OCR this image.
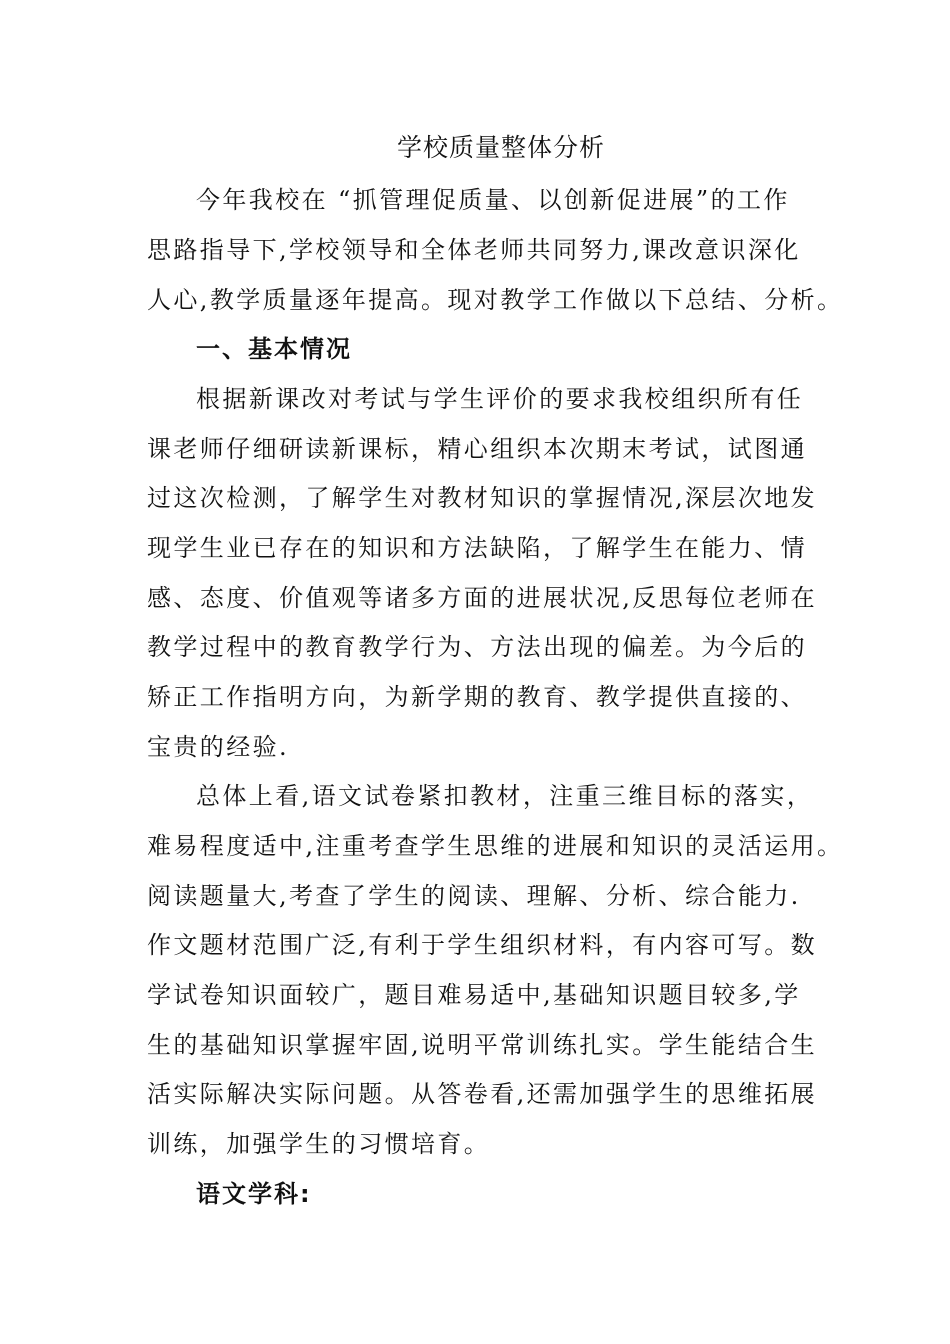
学校质量整体分析

今年我校在 “抓管理促质量、以创新促进展”的工作

思路指导下,学校领导和全体老师共同努力,课改意识深化

人心,教学质量逐年提高。现对教学工作做以下总结、分析。

一、基本情况

根据新课改对考试与学生评价的要求我校组织所有任

课老师仔细研读新课标，精心组织本次期末考试，试图通

过这次检测，了解学生对教材知识的掌握情况,深层次地发

现学生业已存在的知识和方法缺陷，了解学生在能力、情

感、态度、价值观等诸多方面的进展状况,反思每位老师在

教学过程中的教育教学行为、方法出现的偏差。为今后的

矫正工作指明方向，为新学期的教育、教学提供直接的、

宝贵的经验.

总体上看,语文试卷紧扣教材，注重三维目标的落实，

难易程度适中,注重考查学生思维的进展和知识的灵活运用。

阅读题量大,考查了学生的阅读、理解、分析、综合能力.

作文题材范围广泛,有利于学生组织材料，有内容可写。数

学试卷知识面较广，题目难易适中,基础知识题目较多,学

生的基础知识掌握牢固,说明平常训练扎实。学生能结合生

活实际解决实际问题。从答卷看,还需加强学生的思维拓展

训练，加强学生的习惯培育。

语文学科:
